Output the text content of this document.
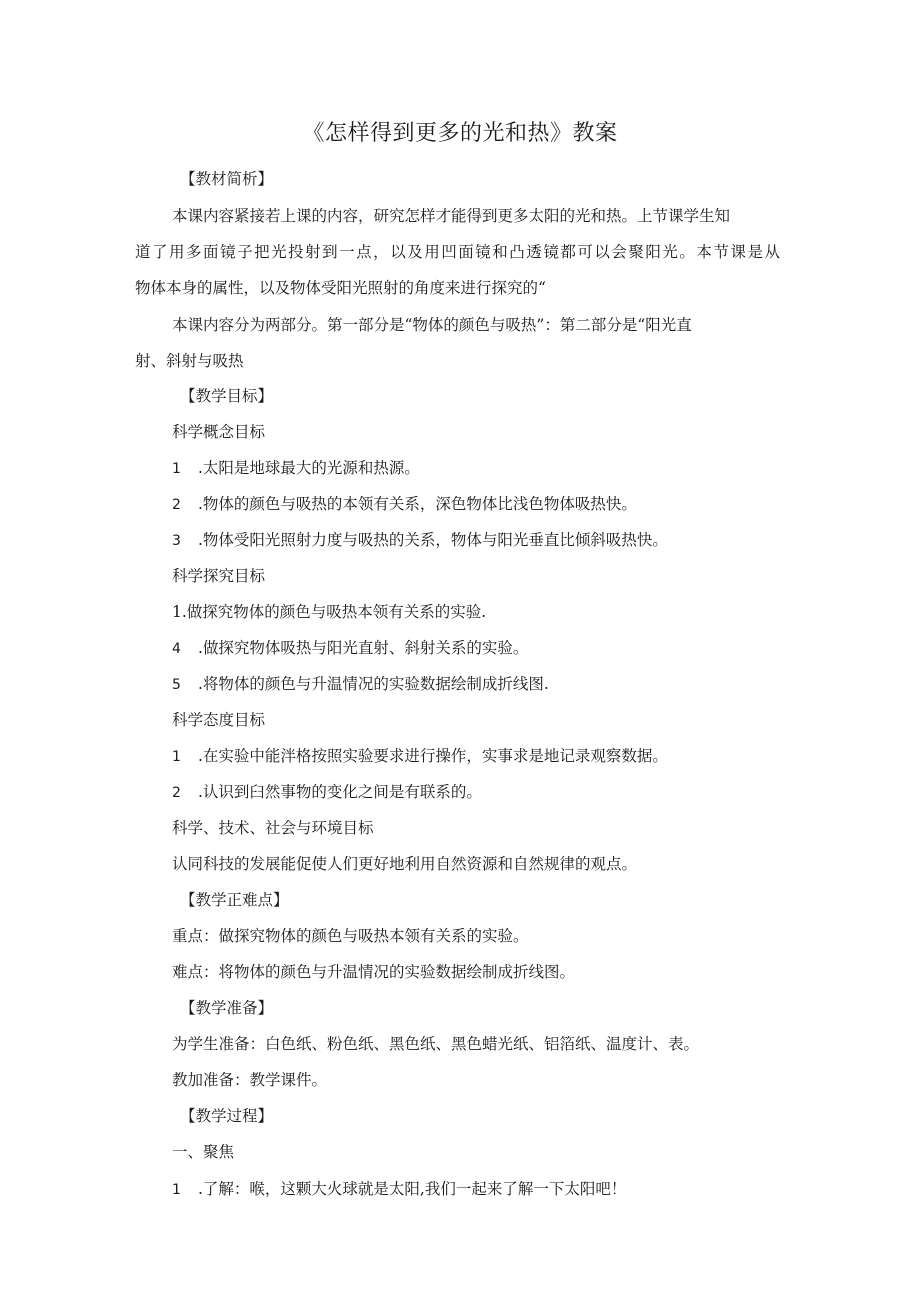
《怎样得到更多的光和热》教案
【教材简析】
本课内容紧接若上课的内容，研究怎样才能得到更多太阳的光和热。上节课学生知
道了用多面镜子把光投射到一点，以及用凹面镜和凸透镜都可以会聚阳光。本节课是从
物体本身的属性，以及物体受阳光照射的角度来进行探究的“
本课内容分为两部分。第一部分是“物体的颜色与吸热”：第二部分是“阳光直
射、斜射与吸热
【教学目标】
科学概念目标
1 .太阳是地球最大的光源和热源。
2 .物体的颜色与吸热的本领有关系，深色物体比浅色物体吸热快。
3 .物体受阳光照射力度与吸热的关系，物体与阳光垂直比倾斜吸热快。
科学探究目标
1.做探究物体的颜色与吸热本领有关系的实验.
4 .做探究物体吸热与阳光直射、斜射关系的实验。
5 .将物体的颜色与升温情况的实验数据绘制成折线图.
科学态度目标
1 .在实验中能泮格按照实验要求进行操作，实事求是地记录观察数据。
2 .认识到臼然事物的变化之间是有联系的。
科学、技术、社会与环境目标
认同科技的发展能促使人们更好地利用自然资源和自然规律的观点。
【教学正难点】
重点：做探究物体的颜色与吸热本领有关系的实验。
难点：将物体的颜色与升温情况的实验数据绘制成折线图。
【教学准备】
为学生准备：白色纸、粉色纸、黑色纸、黑色蜡光纸、铝箔纸、温度计、表。
教加准备：教学课件。
【教学过程】
一、聚焦
1 .了解：喉，这颗大火球就是太阳,我们一起来了解一下太阳吧！
